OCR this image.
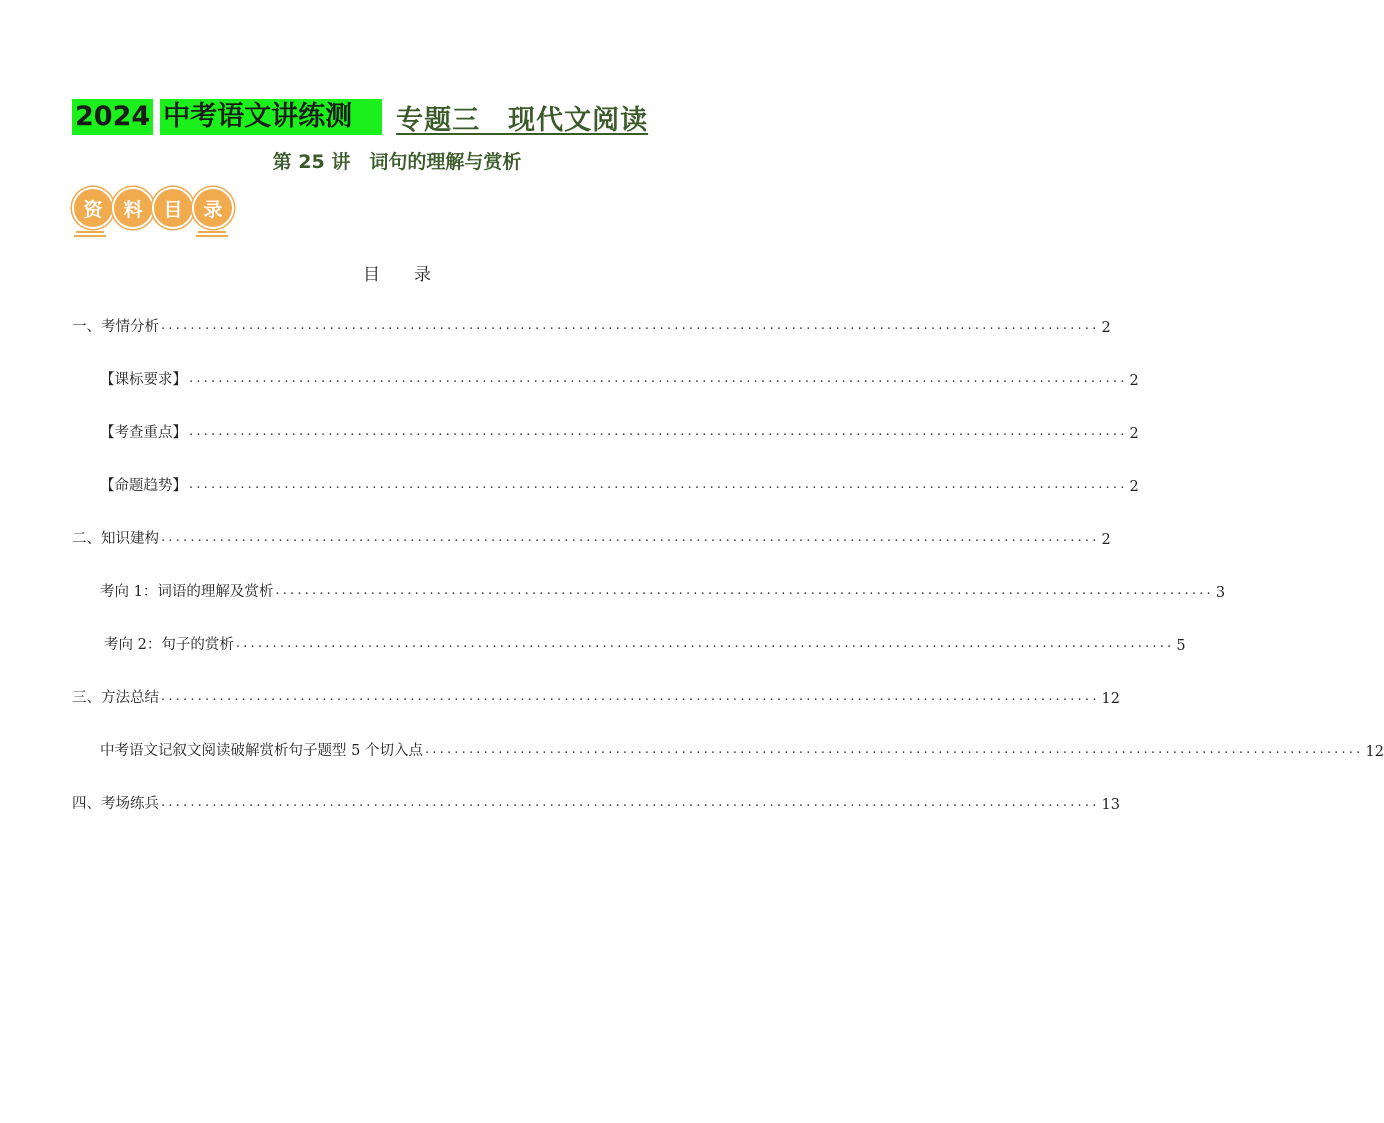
2024 中考语文讲练测	专题三　现代文阅读
第 25 讲　词句的理解与赏析
资	料	目	录
目　　录
一、考情分析 ................................................................................................................................ 2
【课标要求】 ................................................................................................................................ 2
【考查重点】 ................................................................................................................................ 2
【命题趋势】 ................................................................................................................................ 2
二、知识建构 ................................................................................................................................ 2
考向 1：词语的理解及赏析 ................................................................................................................................ 3
考向 2：句子的赏析 ................................................................................................................................ 5
三、方法总结 ................................................................................................................................ 12
中考语文记叙文阅读破解赏析句子题型 5 个切入点 ................................................................................................................................ 12
四、考场练兵 ................................................................................................................................ 13
